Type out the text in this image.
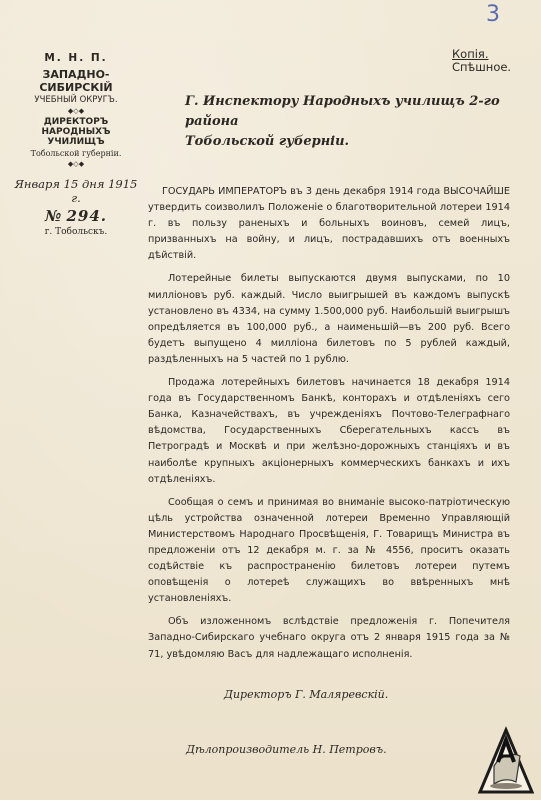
3
Копія.
Спѣшное.
М. Н. П.
ЗАПАДНО-СИБИРСКІЙ
УЧЕБНЫЙ ОКРУГЪ.
◆◇◆
ДИРЕКТОРЪ НАРОДНЫХЪ УЧИЛИЩЪ
Тобольской губерніи.
◆◇◆
Января 15 дня 1915 г.
№ 294.
г. Тобольскъ.
Г. Инспектору Народныхъ училищъ 2-го района
Тобольской губерніи.

ГОСУДАРЬ ИМПЕРАТОРЪ въ 3 день декабря 1914 года ВЫСОЧАЙШЕ утвердить соизволилъ Положеніе о благотворительной лотереи 1914 г. въ пользу раненыхъ и больныхъ воиновъ, семей лицъ, призванныхъ на войну, и лицъ, пострадавшихъ отъ военныхъ дѣйствій.

Лотерейные билеты выпускаются двумя выпусками, по 10 милліоновъ руб. каждый. Число выигрышей въ каждомъ выпускѣ установлено въ 4334, на сумму 1.500,000 руб. Наибольшій выигрышъ опредѣляется въ 100,000 руб., а наименьшій—въ 200 руб. Всего будетъ выпущено 4 милліона билетовъ по 5 рублей каждый, раздѣленныхъ на 5 частей по 1 рублю.

Продажа лотерейныхъ билетовъ начинается 18 декабря 1914 года въ Государственномъ Банкѣ, конторахъ и отдѣленіяхъ сего Банка, Казначействахъ, въ учрежденіяхъ Почтово-Телеграфнаго вѣдомства, Государственныхъ Сберегательныхъ кассъ въ Петроградѣ и Москвѣ и при желѣзно-дорожныхъ станціяхъ и въ наиболѣе крупныхъ акціонерныхъ коммерческихъ банкахъ и ихъ отдѣленіяхъ.

Сообщая о семъ и принимая во вниманіе высоко-патріотическую цѣль устройства означенной лотереи Временно Управляющій Министерствомъ Народнаго Просвѣщенія, Г. Товарищъ Министра въ предложеніи отъ 12 декабря м. г. за № 4556, проситъ оказать содѣйствіе къ распространенію билетовъ лотереи путемъ оповѣщенія о лотереѣ служащихъ во ввѣренныхъ мнѣ установленіяхъ.

Объ изложенномъ вслѣдствіе предложенія г. Попечителя Западно-Сибирскаго учебнаго округа отъ 2 января 1915 года за № 71, увѣдомляю Васъ для надлежащаго исполненія.

Директоръ Г. Маляревскій.
Дѣлопроизводитель Н. Петровъ.
